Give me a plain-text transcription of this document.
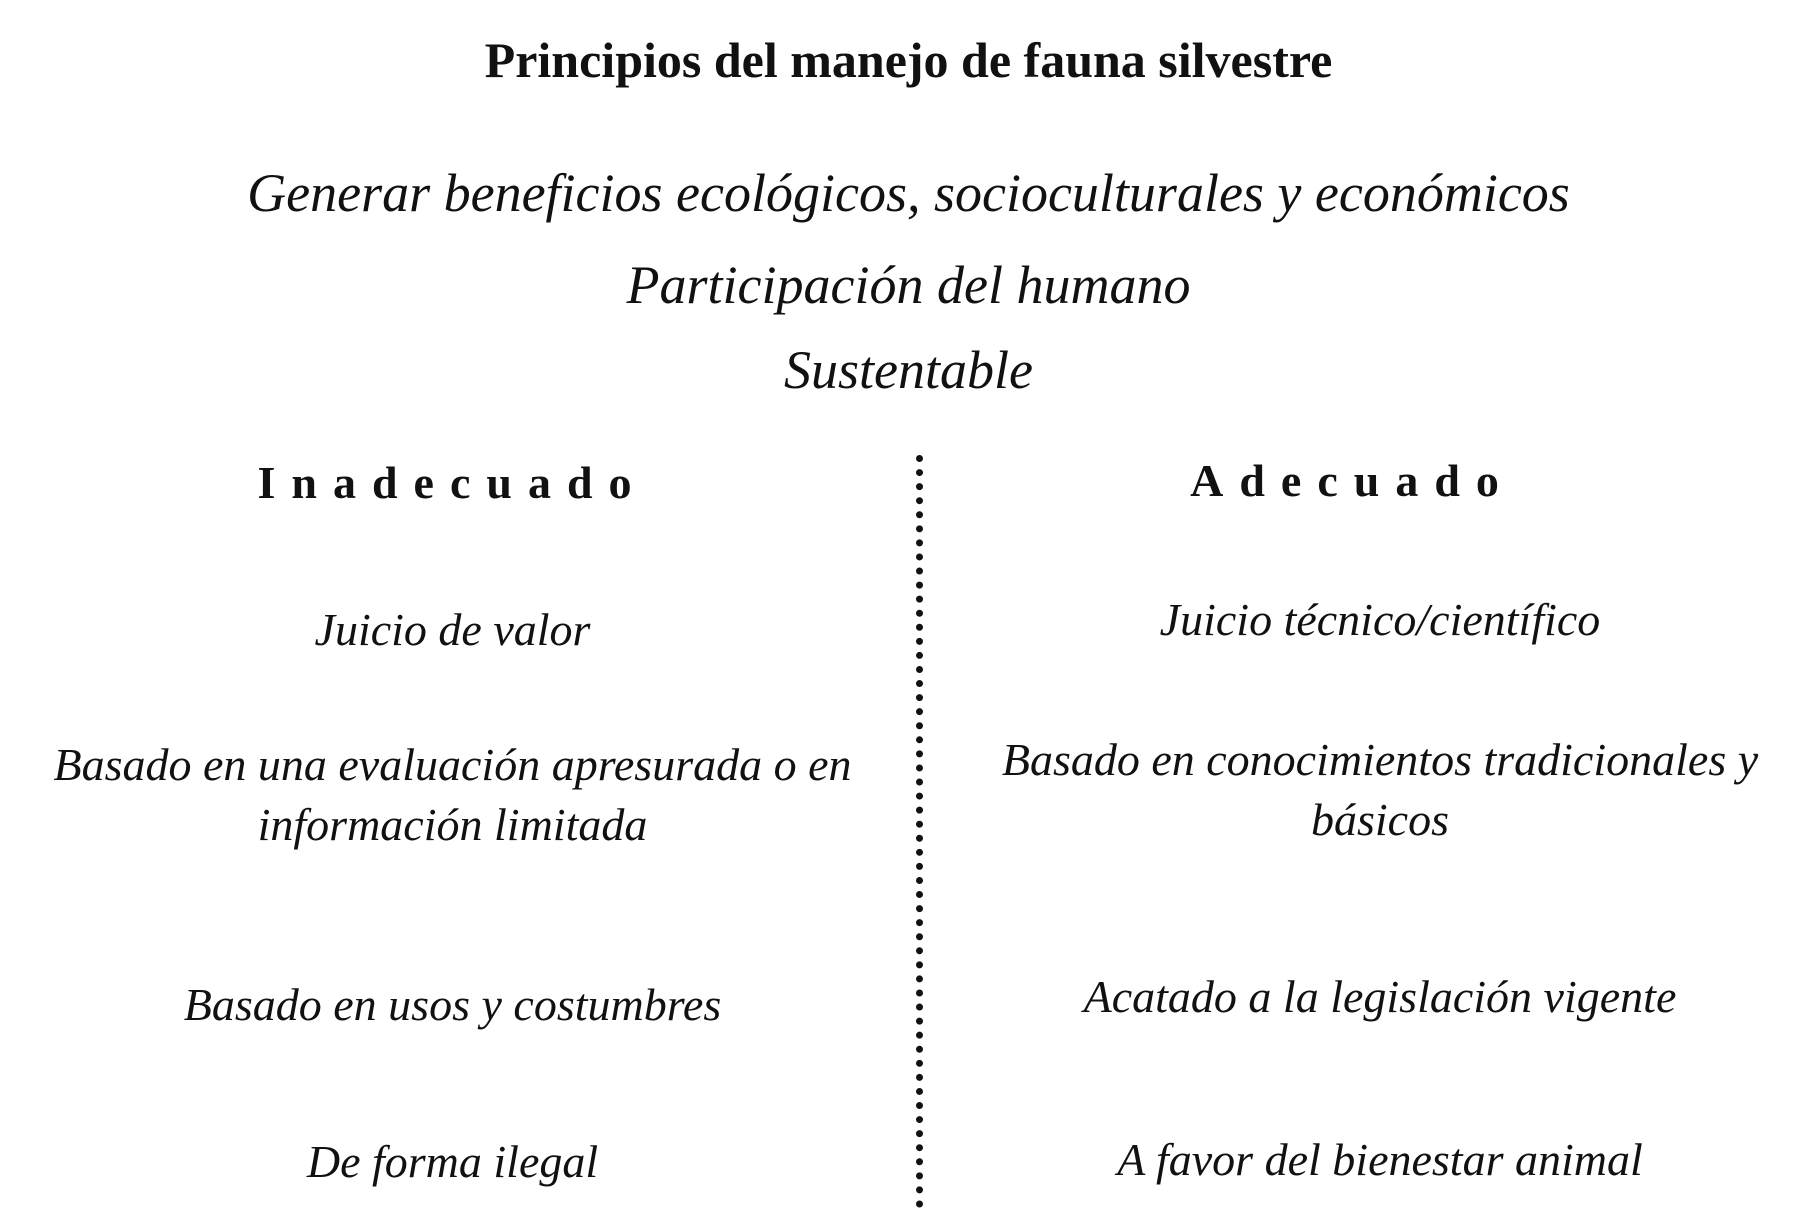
Principios del manejo de fauna silvestre
Generar beneficios ecológicos, socioculturales y económicos
Participación del humano
Sustentable
Inadecuado	Adecuado
Juicio de valor
Basado en una evaluación apresurada o en información limitada
Basado en usos y costumbres
De forma ilegal
Juicio técnico/científico
Basado en conocimientos tradicionales y básicos
Acatado a la legislación vigente
A favor del bienestar animal
